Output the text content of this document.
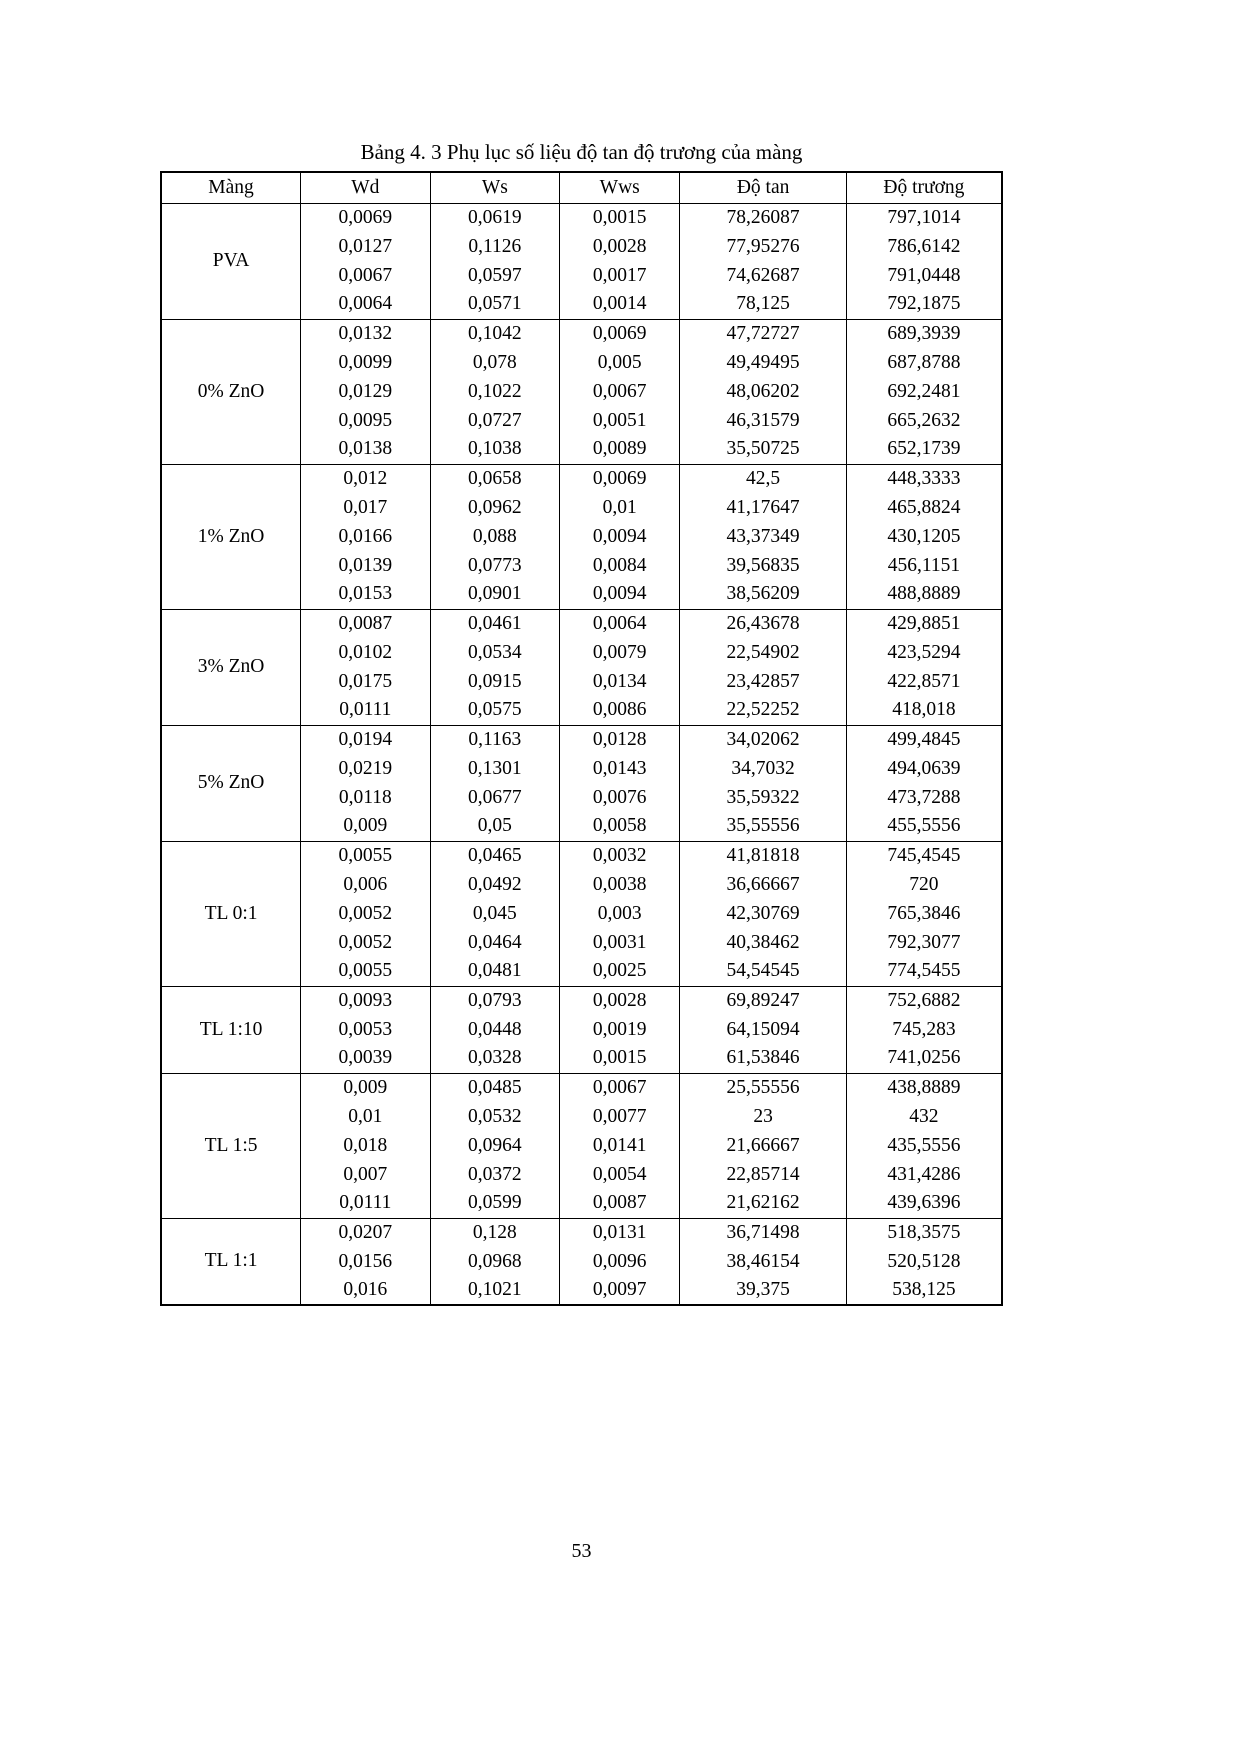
Bảng 4. 3 Phụ lục số liệu độ tan độ trương của màng

Màng	Wd	Ws	Wws	Độ tan	Độ trương
PVA	0,0069	0,0619	0,0015	78,26087	797,1014
	0,0127	0,1126	0,0028	77,95276	786,6142
	0,0067	0,0597	0,0017	74,62687	791,0448
	0,0064	0,0571	0,0014	78,125	792,1875
0% ZnO	0,0132	0,1042	0,0069	47,72727	689,3939
	0,0099	0,078	0,005	49,49495	687,8788
	0,0129	0,1022	0,0067	48,06202	692,2481
	0,0095	0,0727	0,0051	46,31579	665,2632
	0,0138	0,1038	0,0089	35,50725	652,1739
1% ZnO	0,012	0,0658	0,0069	42,5	448,3333
	0,017	0,0962	0,01	41,17647	465,8824
	0,0166	0,088	0,0094	43,37349	430,1205
	0,0139	0,0773	0,0084	39,56835	456,1151
	0,0153	0,0901	0,0094	38,56209	488,8889
3% ZnO	0,0087	0,0461	0,0064	26,43678	429,8851
	0,0102	0,0534	0,0079	22,54902	423,5294
	0,0175	0,0915	0,0134	23,42857	422,8571
	0,0111	0,0575	0,0086	22,52252	418,018
5% ZnO	0,0194	0,1163	0,0128	34,02062	499,4845
	0,0219	0,1301	0,0143	34,7032	494,0639
	0,0118	0,0677	0,0076	35,59322	473,7288
	0,009	0,05	0,0058	35,55556	455,5556
TL 0:1	0,0055	0,0465	0,0032	41,81818	745,4545
	0,006	0,0492	0,0038	36,66667	720
	0,0052	0,045	0,003	42,30769	765,3846
	0,0052	0,0464	0,0031	40,38462	792,3077
	0,0055	0,0481	0,0025	54,54545	774,5455
TL 1:10	0,0093	0,0793	0,0028	69,89247	752,6882
	0,0053	0,0448	0,0019	64,15094	745,283
	0,0039	0,0328	0,0015	61,53846	741,0256
TL 1:5	0,009	0,0485	0,0067	25,55556	438,8889
	0,01	0,0532	0,0077	23	432
	0,018	0,0964	0,0141	21,66667	435,5556
	0,007	0,0372	0,0054	22,85714	431,4286
	0,0111	0,0599	0,0087	21,62162	439,6396
TL 1:1	0,0207	0,128	0,0131	36,71498	518,3575
	0,0156	0,0968	0,0096	38,46154	520,5128
	0,016	0,1021	0,0097	39,375	538,125
53
